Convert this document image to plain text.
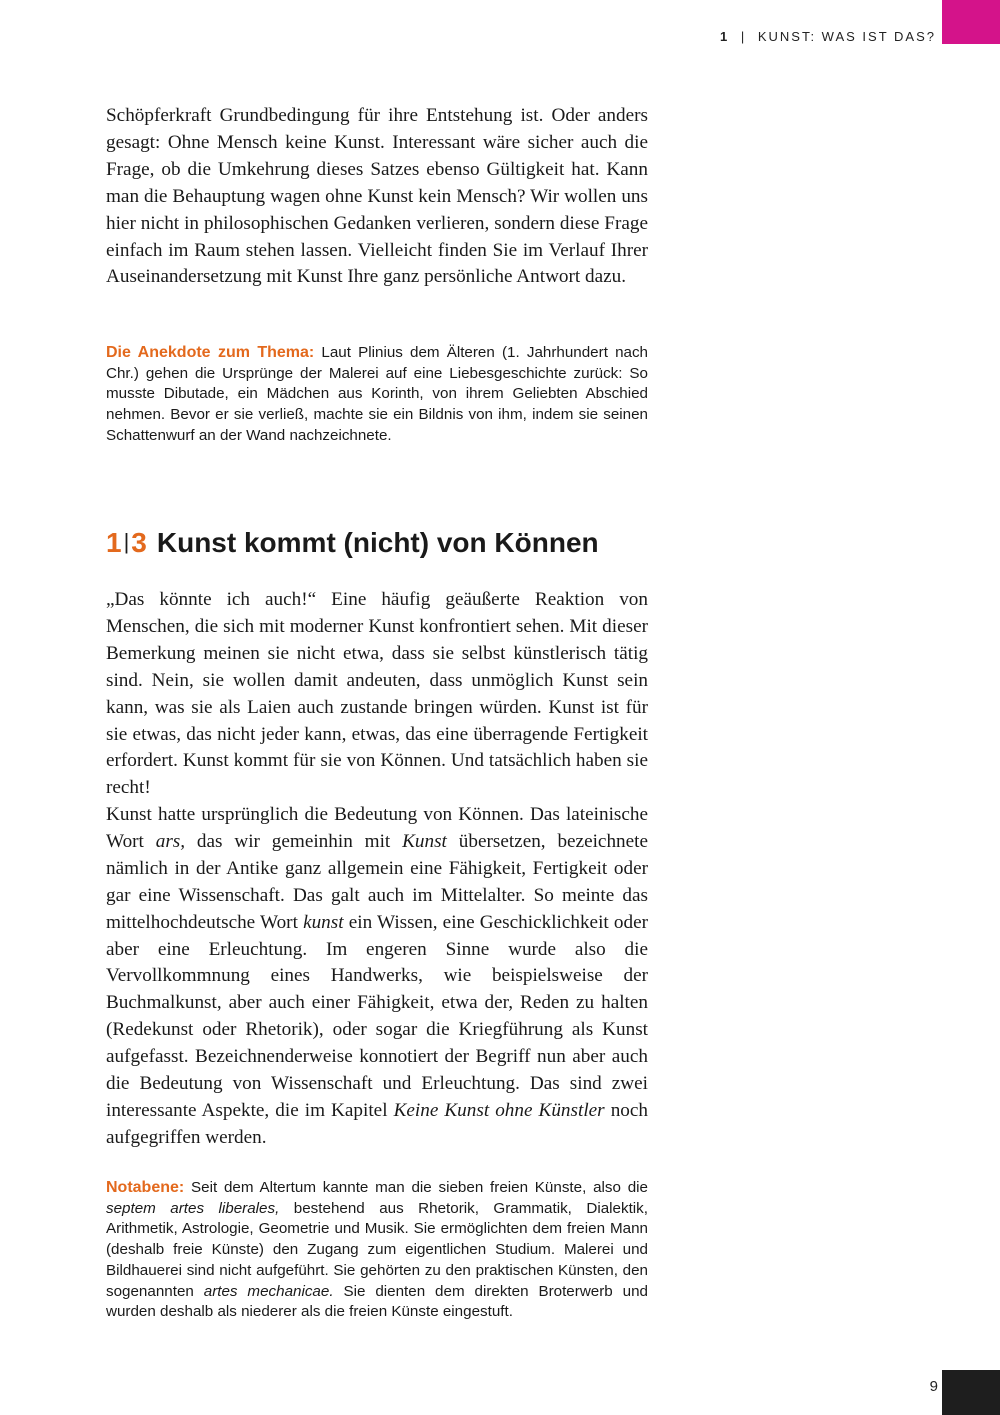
1 | KUNST: WAS IST DAS?

Schöpferkraft Grundbedingung für ihre Entstehung ist. Oder anders gesagt: Ohne Mensch keine Kunst. Interessant wäre sicher auch die Frage, ob die Umkehrung dieses Satzes ebenso Gültigkeit hat. Kann man die Behauptung wagen ohne Kunst kein Mensch? Wir wollen uns hier nicht in philosophischen Gedanken verlieren, sondern diese Frage einfach im Raum stehen lassen. Vielleicht finden Sie im Verlauf Ihrer Auseinandersetzung mit Kunst Ihre ganz persönliche Antwort dazu.

Die Anekdote zum Thema: Laut Plinius dem Älteren (1. Jahrhundert nach Chr.) gehen die Ursprünge der Malerei auf eine Liebesgeschichte zurück: So musste Dibutade, ein Mädchen aus Korinth, von ihrem Geliebten Abschied nehmen. Bevor er sie verließ, machte sie ein Bildnis von ihm, indem sie seinen Schattenwurf an der Wand nachzeichnete.

1|3 Kunst kommt (nicht) von Können

„Das könnte ich auch!“ Eine häufig geäußerte Reaktion von Menschen, die sich mit moderner Kunst konfrontiert sehen. Mit dieser Bemerkung meinen sie nicht etwa, dass sie selbst künstlerisch tätig sind. Nein, sie wollen damit andeuten, dass unmöglich Kunst sein kann, was sie als Laien auch zustande bringen würden. Kunst ist für sie etwas, das nicht jeder kann, etwas, das eine überragende Fertigkeit erfordert. Kunst kommt für sie von Können. Und tatsächlich haben sie recht!

Kunst hatte ursprünglich die Bedeutung von Können. Das lateinische Wort ars, das wir gemeinhin mit Kunst übersetzen, bezeichnete nämlich in der Antike ganz allgemein eine Fähigkeit, Fertigkeit oder gar eine Wissenschaft. Das galt auch im Mittelalter. So meinte das mittelhochdeutsche Wort kunst ein Wissen, eine Geschicklichkeit oder aber eine Erleuchtung. Im engeren Sinne wurde also die Vervollkommnung eines Handwerks, wie beispielsweise der Buchmalkunst, aber auch einer Fähigkeit, etwa der, Reden zu halten (Redekunst oder Rhetorik), oder sogar die Kriegführung als Kunst aufgefasst. Bezeichnenderweise konnotiert der Begriff nun aber auch die Bedeutung von Wissenschaft und Erleuchtung. Das sind zwei interessante Aspekte, die im Kapitel Keine Kunst ohne Künstler noch aufgegriffen werden.

Notabene: Seit dem Altertum kannte man die sieben freien Künste, also die septem artes liberales, bestehend aus Rhetorik, Grammatik, Dialektik, Arithmetik, Astrologie, Geometrie und Musik. Sie ermöglichten dem freien Mann (deshalb freie Künste) den Zugang zum eigentlichen Studium. Malerei und Bildhauerei sind nicht aufgeführt. Sie gehörten zu den praktischen Künsten, den sogenannten artes mechanicae. Sie dienten dem direkten Broterwerb und wurden deshalb als niederer als die freien Künste eingestuft.

9
